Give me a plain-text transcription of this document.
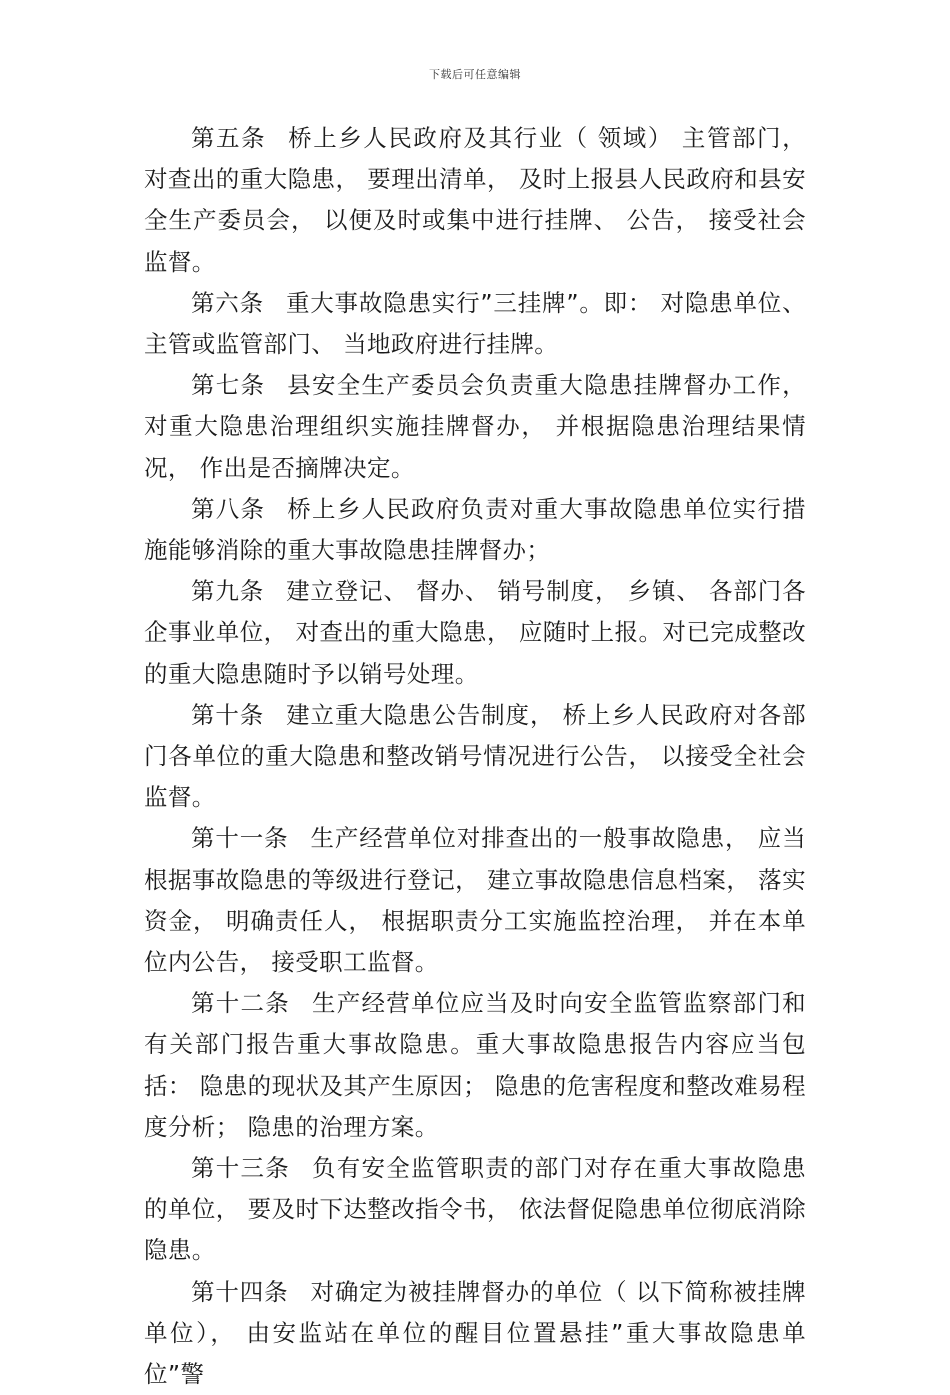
下载后可任意编辑

第五条 桥上乡人民政府及其行业（ 领域） 主管部门， 对查出的重大隐患， 要理出清单， 及时上报县人民政府和县安全生产委员会， 以便及时或集中进行挂牌、 公告， 接受社会监督。

第六条 重大事故隐患实行”三挂牌”。即： 对隐患单位、 主管或监管部门、 当地政府进行挂牌。

第七条 县安全生产委员会负责重大隐患挂牌督办工作， 对重大隐患治理组织实施挂牌督办， 并根据隐患治理结果情况， 作出是否摘牌决定。

第八条 桥上乡人民政府负责对重大事故隐患单位实行措施能够消除的重大事故隐患挂牌督办；

第九条 建立登记、 督办、 销号制度， 乡镇、 各部门各企事业单位， 对查出的重大隐患， 应随时上报。对已完成整改的重大隐患随时予以销号处理。

第十条 建立重大隐患公告制度， 桥上乡人民政府对各部门各单位的重大隐患和整改销号情况进行公告， 以接受全社会监督。

第十一条 生产经营单位对排查出的一般事故隐患， 应当根据事故隐患的等级进行登记， 建立事故隐患信息档案， 落实资金， 明确责任人， 根据职责分工实施监控治理， 并在本单位内公告， 接受职工监督。

第十二条 生产经营单位应当及时向安全监管监察部门和有关部门报告重大事故隐患。重大事故隐患报告内容应当包括： 隐患的现状及其产生原因； 隐患的危害程度和整改难易程度分析； 隐患的治理方案。

第十三条 负有安全监管职责的部门对存在重大事故隐患的单位， 要及时下达整改指令书， 依法督促隐患单位彻底消除隐患。

第十四条 对确定为被挂牌督办的单位（ 以下简称被挂牌单位）， 由安监站在单位的醒目位置悬挂”重大事故隐患单位”警
